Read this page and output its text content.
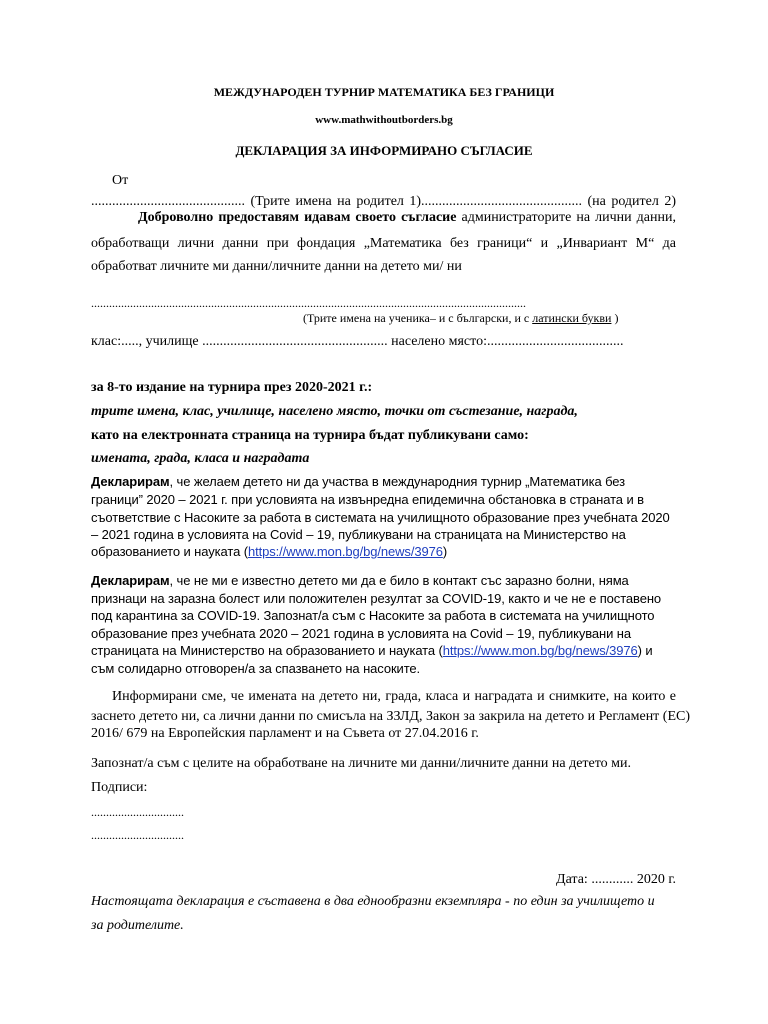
МЕЖДУНАРОДЕН ТУРНИР МАТЕМАТИКА БЕЗ ГРАНИЦИ
www.mathwithoutborders.bg
ДЕКЛАРАЦИЯ ЗА ИНФОРМИРАНО СЪГЛАСИЕ
От
............................................ (Трите имена на родител 1).............................................. (на родител 2)
Доброволно предоставям идавам своето съгласие администраторите на лични данни,
обработващи лични данни при фондация „Математика без граници“ и „Инвариант М“ да
обработват личните ми данни/личните данни на детето ми/ ни
.................................................................................................................................................
(Трите имена на ученика– и с български, и с латински букви )
клас:....., училище ..................................................... населено място:.......................................
за 8-то издание на турнира през 2020-2021 г.:
трите имена, клас, училище, населено място, точки от състезание, награда,
като на електронната страница на турнира бъдат публикувани само:
имената, града, класа и наградата
Декларирам, че желаем детето ни да участва в международния турнир „Математика без
граници” 2020 – 2021 г. при условията на извънредна епидемична обстановка в страната и в
съответствие с Насоките за работа в системата на училищното образование през учебната 2020
– 2021 година в условията на Covid – 19, публикувани на страницата на Министерство на
образованието и науката (https://www.mon.bg/bg/news/3976)
Декларирам, че не ми е известно детето ми да е било в контакт със заразно болни, няма
признаци на заразна болест или положителен резултат за COVID-19, както и че не е поставено
под карантина за COVID-19. Запознат/а съм с Насоките за работа в системата на училищното
образование през учебната 2020 – 2021 година в условията на Covid – 19, публикувани на
страницата на Министерство на образованието и науката (https://www.mon.bg/bg/news/3976) и
съм солидарно отговорен/а за спазването на насоките.
Информирани сме, че имената на детето ни, града, класа и наградата и снимките, на които е
заснето детето ни, са лични данни по смисъла на ЗЗЛД, Закон за закрила на детето и Регламент (ЕС)
2016/ 679 на Европейския парламент и на Съвета от 27.04.2016 г.
Запознат/а съм с целите на обработване на личните ми данни/личните данни на детето ми.
Подписи:
...............................
...............................
Дата: ............ 2020 г.
Настоящата декларация е съставена в два еднообразни екземпляра - по един за училището и
за родителите.
